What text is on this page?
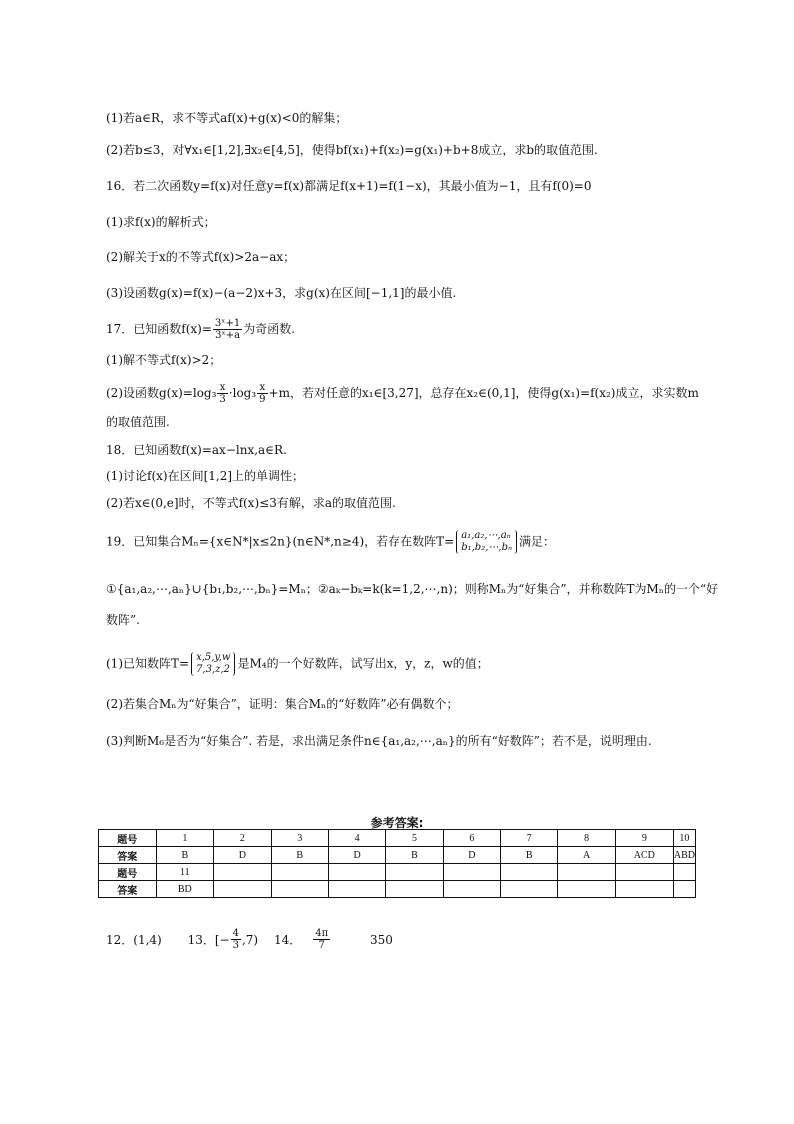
(1)若a∈R，求不等式af(x)+g(x)<0的解集；
(2)若b≤3，对∀x₁∈[1,2],∃x₂∈[4,5]，使得bf(x₁)+f(x₂)=g(x₁)+b+8成立，求b的取值范围.
16．若二次函数y=f(x)对任意y=f(x)都满足f(x+1)=f(1−x)，其最小值为−1，且有f(0)=0
(1)求f(x)的解析式；
(2)解关于x的不等式f(x)>2a−ax；
(3)设函数g(x)=f(x)−(a−2)x+3，求g(x)在区间[−1,1]的最小值.
17．已知函数$f(x)= \frac{\text{3ˣ+1}}{\text{3ˣ+a}}$ 为奇函数.
(1)解不等式f(x)>2；
(2)设函数$g(x)=\log_3 \frac{x}{3} \cdot\log_3 \frac{x}{9} +m$，若对任意的x₁∈[3,27]，总存在x₂∈(0,1]，使得g(x₁)=f(x₂)成立，求实数m
的取值范围.
18．已知函数f(x)=ax−lnx,a∈R.
(1)讨论f(x)在区间[1,2]上的单调性；
(2)若x∈(0,e]时，不等式f(x)≤3有解，求a的取值范围.
19．已知集合Mₙ={x∈N*|x≤2n}(n∈N*,n≥4)，若存在数阵T= a₁,a₂,⋯,aₙ
b₁,b₂,⋯,bₙ 满足：
①{a₁,a₂,⋯,aₙ}∪{b₁,b₂,⋯,bₙ}=Mₙ；②aₖ−bₖ=k(k=1,2,⋯,n)；则称Mₙ为“好集合”，并称数阵T为Mₙ的一个“好
数阵”.
(1)已知数阵T= x,5,y,w
7,3,z,2 是M₄的一个好数阵，试写出x，y，z，w的值；
(2)若集合Mₙ为“好集合”，证明：集合Mₙ的“好数阵”必有偶数个；
(3)判断M₆是否为“好集合”. 若是，求出满足条件n∈{a₁,a₂,⋯,aₙ}的所有“好数阵”；若不是，说明理由.
参考答案:
题号	1	2	3	4	5	6	7	8	9	10
答案	B	D	B	D	B	D	B	A	ACD	ABD
题号	11									
答案	BD									
12．(1,4) 13．[− $\frac{4}{3} ,7$) 14． $\frac{4\pi}{7}$	350
